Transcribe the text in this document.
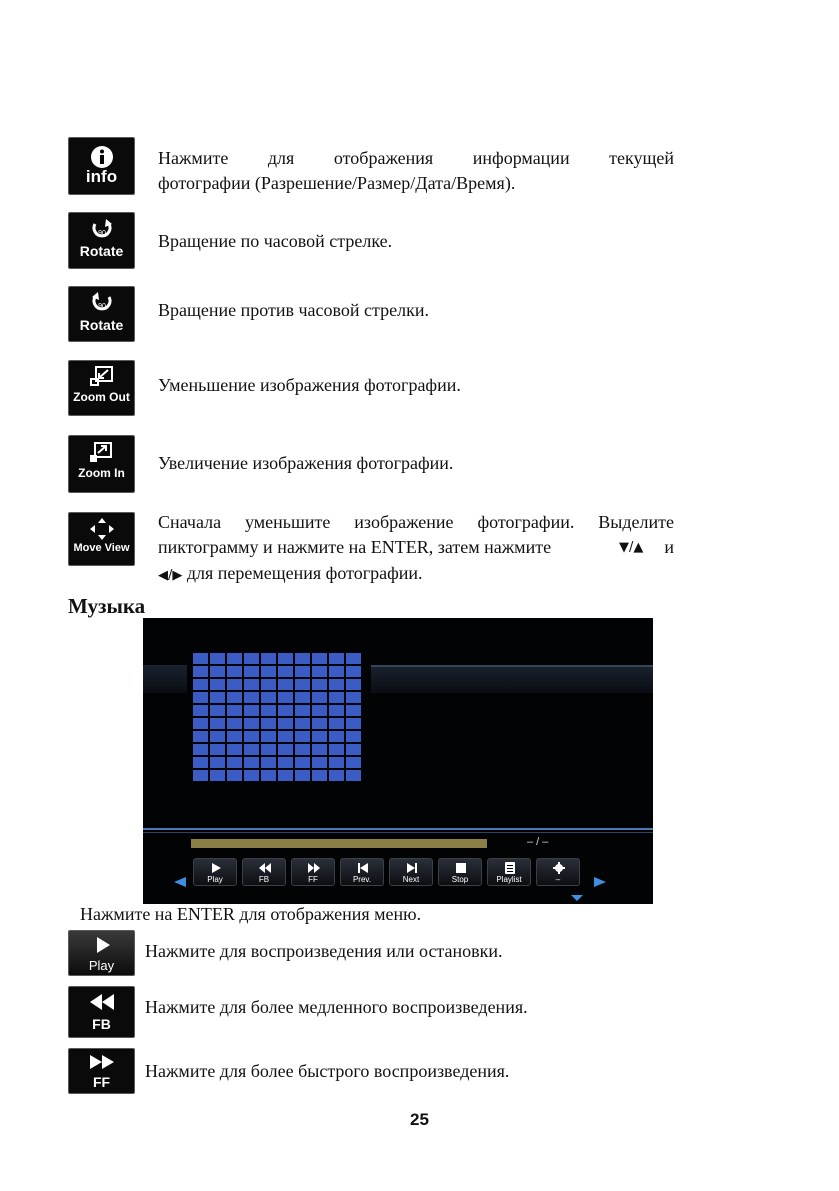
info
Нажмите для отображения информации текущей
фотографии (Разрешение/Размер/Дата/Время).
90
Rotate	Вращение по часовой стрелке.
90
Rotate
Вращение против часовой стрелки.
Zoom Out
Уменьшение изображения фотографии.
Zoom In	Увеличение изображения фотографии.
Move View
Сначала уменьшите изображение фотографии. Выделите
пиктограмму и нажмите на ENTER, затем нажмите	▼/▲ и
◀/▶ для перемещения фотографии.
Музыка
– / –
Play	FB	FF	Prev.	Next	Stop	Playlist	–
Нажмите на ENTER для отображения меню.
Play
Нажмите для воспроизведения или остановки.
FB
Нажмите для более медленного воспроизведения.
FF
Нажмите для более быстрого воспроизведения.
25
